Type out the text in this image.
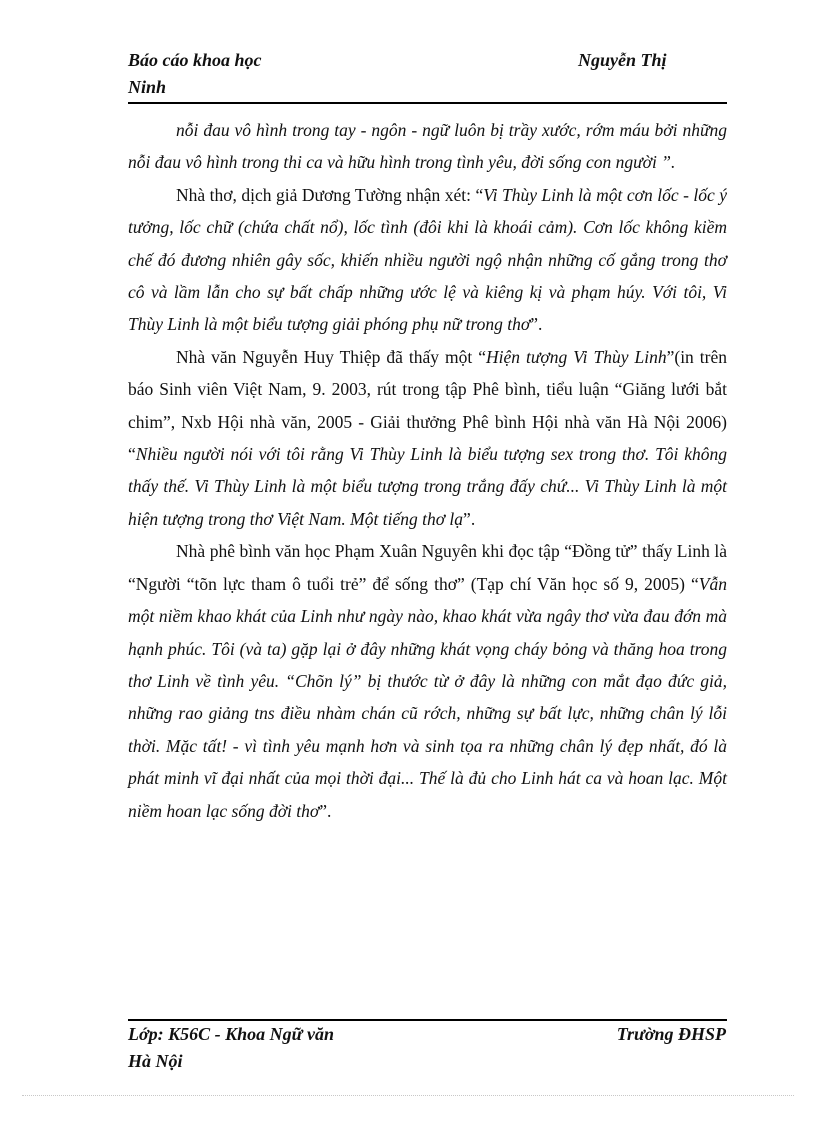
Báo cáo khoa học	Nguyễn Thị
Ninh

nỗi đau vô hình trong tay - ngôn - ngữ luôn bị trầy xước, rớm máu bởi những nỗi đau vô hình trong thi ca và hữu hình trong tình yêu, đời sống con người ”.

Nhà thơ, dịch giả Dương Tường nhận xét: “Vi Thùy Linh là một cơn lốc - lốc ý tưởng, lốc chữ (chứa chất nổ), lốc tình (đôi khi là khoái cảm). Cơn lốc không kiềm chế đó đương nhiên gây sốc, khiến nhiều người ngộ nhận những cố gắng trong thơ cô và lầm lẫn cho sự bất chấp những ước lệ và kiêng kị và phạm húy. Với tôi, Vi Thùy Linh là một biểu tượng giải phóng phụ nữ trong thơ”.

Nhà văn Nguyễn Huy Thiệp đã thấy một “Hiện tượng Vi Thùy Linh”(in trên báo Sinh viên Việt Nam, 9. 2003, rút trong tập Phê bình, tiểu luận “Giăng lưới bắt chim”, Nxb Hội nhà văn, 2005 - Giải thưởng Phê bình Hội nhà văn Hà Nội 2006) “Nhiều người nói với tôi rằng Vi Thùy Linh là biểu tượng sex trong thơ. Tôi không thấy thế. Vi Thùy Linh là một biểu tượng trong trắng đấy chứ... Vi Thùy Linh là một hiện tượng trong thơ Việt Nam. Một tiếng thơ lạ”.

Nhà phê bình văn học Phạm Xuân Nguyên khi đọc tập “Đồng tử” thấy Linh là “Người “tõn lực tham ô tuổi trẻ” để sống thơ” (Tạp chí Văn học số 9, 2005) “Vẫn một niềm khao khát của Linh như ngày nào, khao khát vừa ngây thơ vừa đau đớn mà hạnh phúc. Tôi (và ta) gặp lại ở đây những khát vọng cháy bỏng và thăng hoa trong thơ Linh về tình yêu. “Chõn lý” bị thước từ ở đây là những con mắt đạo đức giả, những rao giảng tns điều nhàm chán cũ rớch, những sự bất lực, những chân lý lỗi thời. Mặc tất! - vì tình yêu mạnh hơn và sinh tọa ra những chân lý đẹp nhất, đó là phát minh vĩ đại nhất của mọi thời đại... Thế là đủ cho Linh hát ca và hoan lạc. Một niềm hoan lạc sống đời thơ”.

Lớp: K56C - Khoa Ngữ văn	Trường ĐHSP
Hà Nội
